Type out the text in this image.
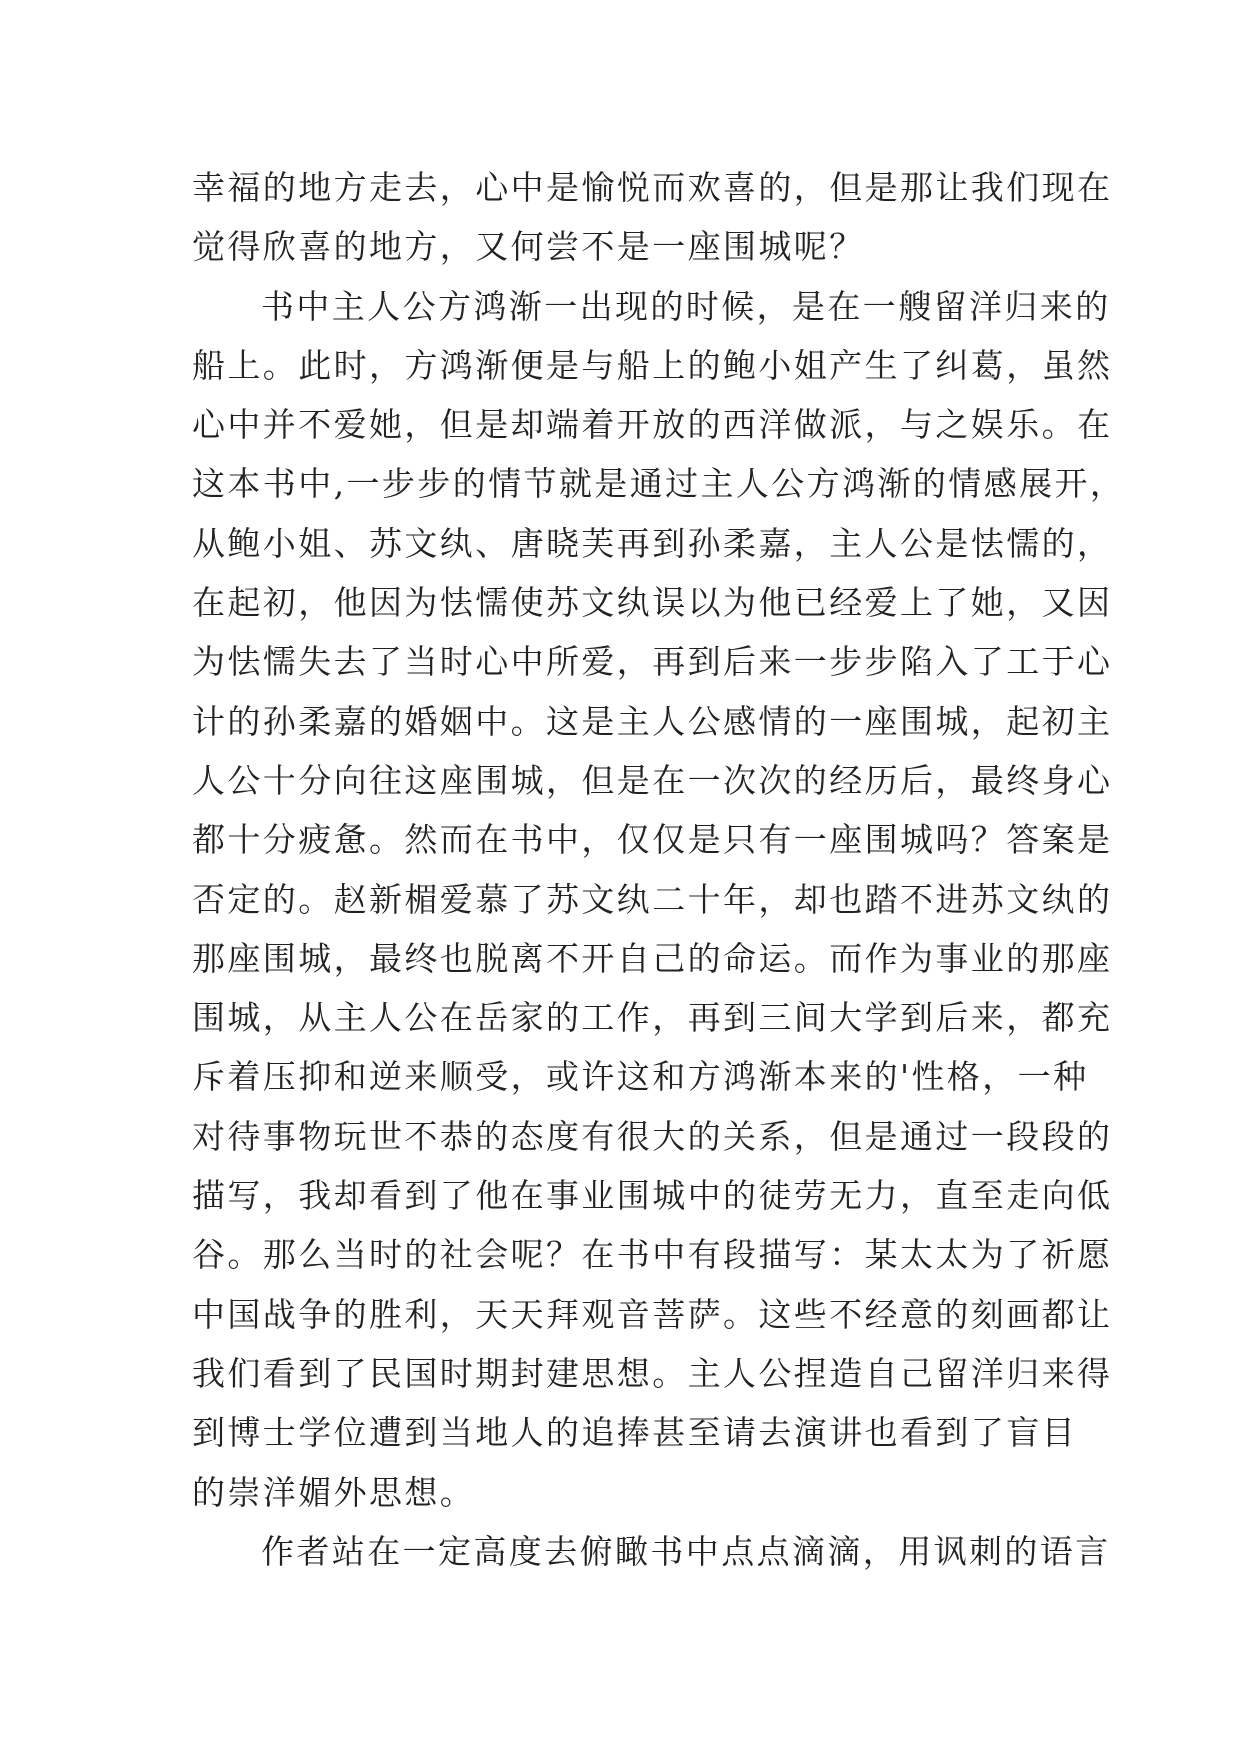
幸福的地方走去，心中是愉悦而欢喜的，但是那让我们现在
觉得欣喜的地方，又何尝不是一座围城呢？
书中主人公方鸿渐一出现的时候，是在一艘留洋归来的
船上。此时，方鸿渐便是与船上的鲍小姐产生了纠葛，虽然
心中并不爱她，但是却端着开放的西洋做派，与之娱乐。在
这本书中,一步步的情节就是通过主人公方鸿渐的情感展开，
从鲍小姐、苏文纨、唐晓芙再到孙柔嘉，主人公是怯懦的，
在起初，他因为怯懦使苏文纨误以为他已经爱上了她，又因
为怯懦失去了当时心中所爱，再到后来一步步陷入了工于心
计的孙柔嘉的婚姻中。这是主人公感情的一座围城，起初主
人公十分向往这座围城，但是在一次次的经历后，最终身心
都十分疲惫。然而在书中，仅仅是只有一座围城吗？答案是
否定的。赵新楣爱慕了苏文纨二十年，却也踏不进苏文纨的
那座围城，最终也脱离不开自己的命运。而作为事业的那座
围城，从主人公在岳家的工作，再到三间大学到后来，都充
斥着压抑和逆来顺受，或许这和方鸿渐本来的'性格，一种
对待事物玩世不恭的态度有很大的关系，但是通过一段段的
描写，我却看到了他在事业围城中的徒劳无力，直至走向低
谷。那么当时的社会呢？在书中有段描写：某太太为了祈愿
中国战争的胜利，天天拜观音菩萨。这些不经意的刻画都让
我们看到了民国时期封建思想。主人公捏造自己留洋归来得
到博士学位遭到当地人的追捧甚至请去演讲也看到了盲目
的崇洋媚外思想。
作者站在一定高度去俯瞰书中点点滴滴，用讽刺的语言
